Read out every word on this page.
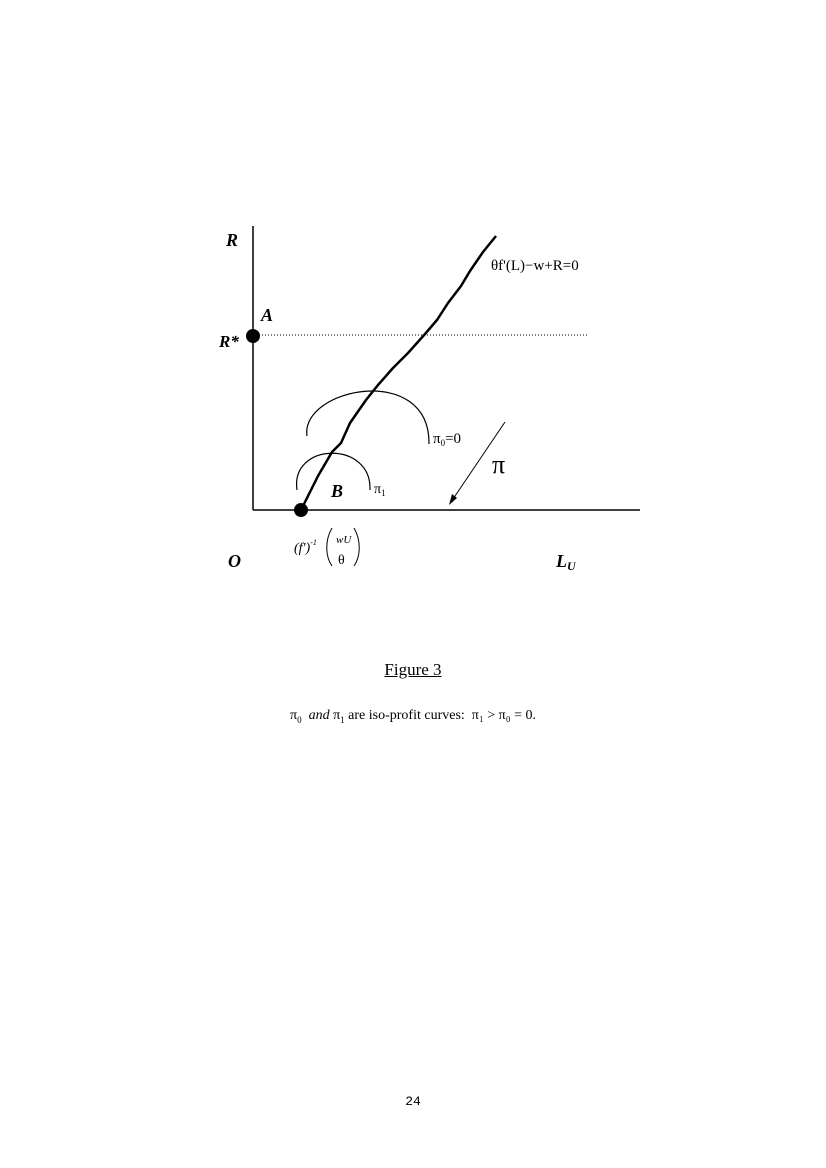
R
R*
A
B
O	LU
θf'(L)−w+R=0
$\pi_0=0$
$\pi_1$
π
$(f')^{-1}$ wU
θ
Figure 3
$\pi_0$ and $\pi_1$ are iso-profit curves: π₁ > π₀ = 0.
24
